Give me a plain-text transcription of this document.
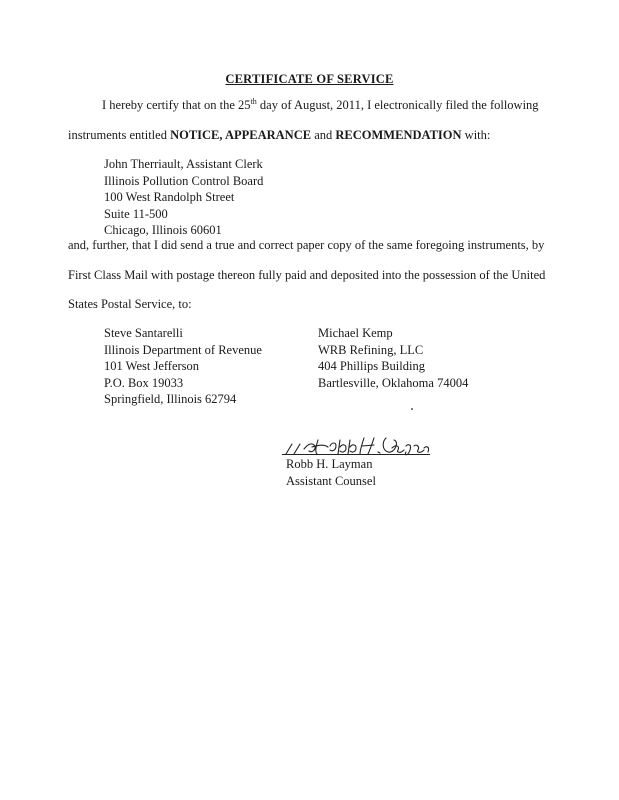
CERTIFICATE OF SERVICE
I hereby certify that on the 25th day of August, 2011, I electronically filed the following
instruments entitled NOTICE, APPEARANCE and RECOMMENDATION with:
John Therriault, Assistant Clerk
Illinois Pollution Control Board
100 West Randolph Street
Suite 11-500
Chicago, Illinois 60601
and, further, that I did send a true and correct paper copy of the same foregoing instruments, by
First Class Mail with postage thereon fully paid and deposited into the possession of the United
States Postal Service, to:
Steve Santarelli
Illinois Department of Revenue
101 West Jefferson
P.O. Box 19033
Springfield, Illinois 62794
Michael Kemp
WRB Refining, LLC
404 Phillips Building
Bartlesville, Oklahoma 74004
Robb H. Layman
Assistant Counsel
